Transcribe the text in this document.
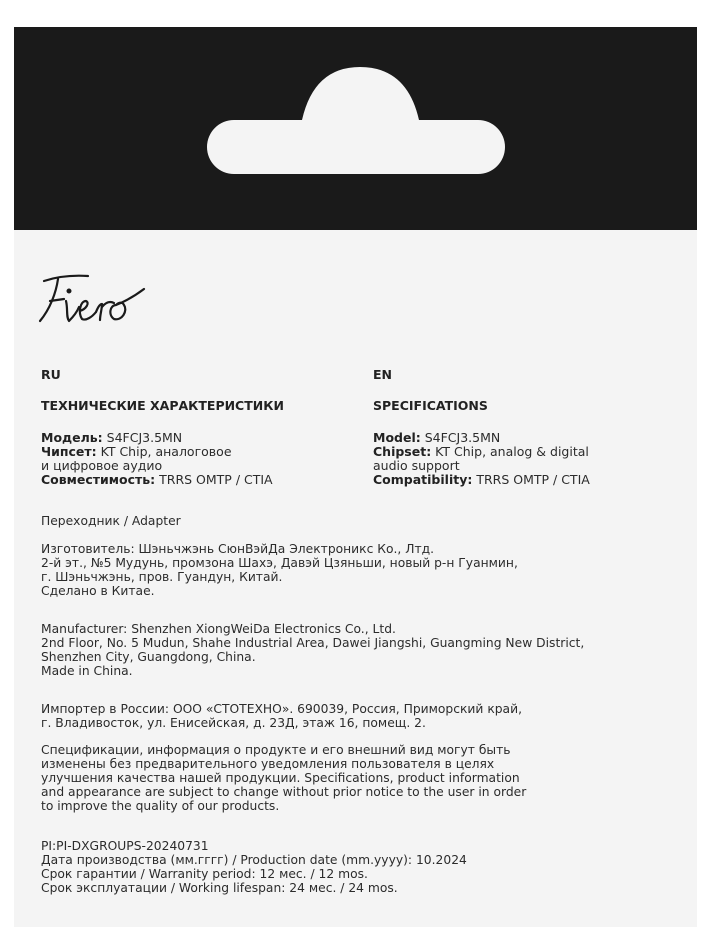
RU	EN
ТЕХНИЧЕСКИЕ ХАРАКТЕРИСТИКИ	SPECIFICATIONS
Модель: S4FCJ3.5MN
Чипсет: KT Chip, аналоговое
и цифровое аудио
Совместимость: TRRS OMTP / CTIA
Model: S4FCJ3.5MN
Chipset: KT Chip, analog & digital
audio support
Compatibility: TRRS OMTP / CTIA
Переходник / Adapter
Изготовитель: Шэньчжэнь СюнВэйДа Электроникс Ко., Лтд.
2-й эт., №5 Мудунь, промзона Шахэ, Давэй Цзяньши, новый р-н Гуанмин,
г. Шэньчжэнь, пров. Гуандун, Китай.
Сделано в Китае.
Manufacturer: Shenzhen XiongWeiDa Electronics Co., Ltd.
2nd Floor, No. 5 Mudun, Shahe Industrial Area, Dawei Jiangshi, Guangming New District,
Shenzhen City, Guangdong, China.
Made in China.
Импортер в России: ООО «СТОТЕХНО». 690039, Россия, Приморский край,
г. Владивосток, ул. Енисейская, д. 23Д, этаж 16, помещ. 2.
Спецификации, информация о продукте и его внешний вид могут быть
изменены без предварительного уведомления пользователя в целях
улучшения качества нашей продукции. Specifications, product information
and appearance are subject to change without prior notice to the user in order
to improve the quality of our products.
PI:PI-DXGROUPS-20240731
Дата производства (мм.гггг) / Production date (mm.yyyy): 10.2024
Срок гарантии / Warranity period: 12 мес. / 12 mos.
Срок эксплуатации / Working lifespan: 24 мес. / 24 mos.
